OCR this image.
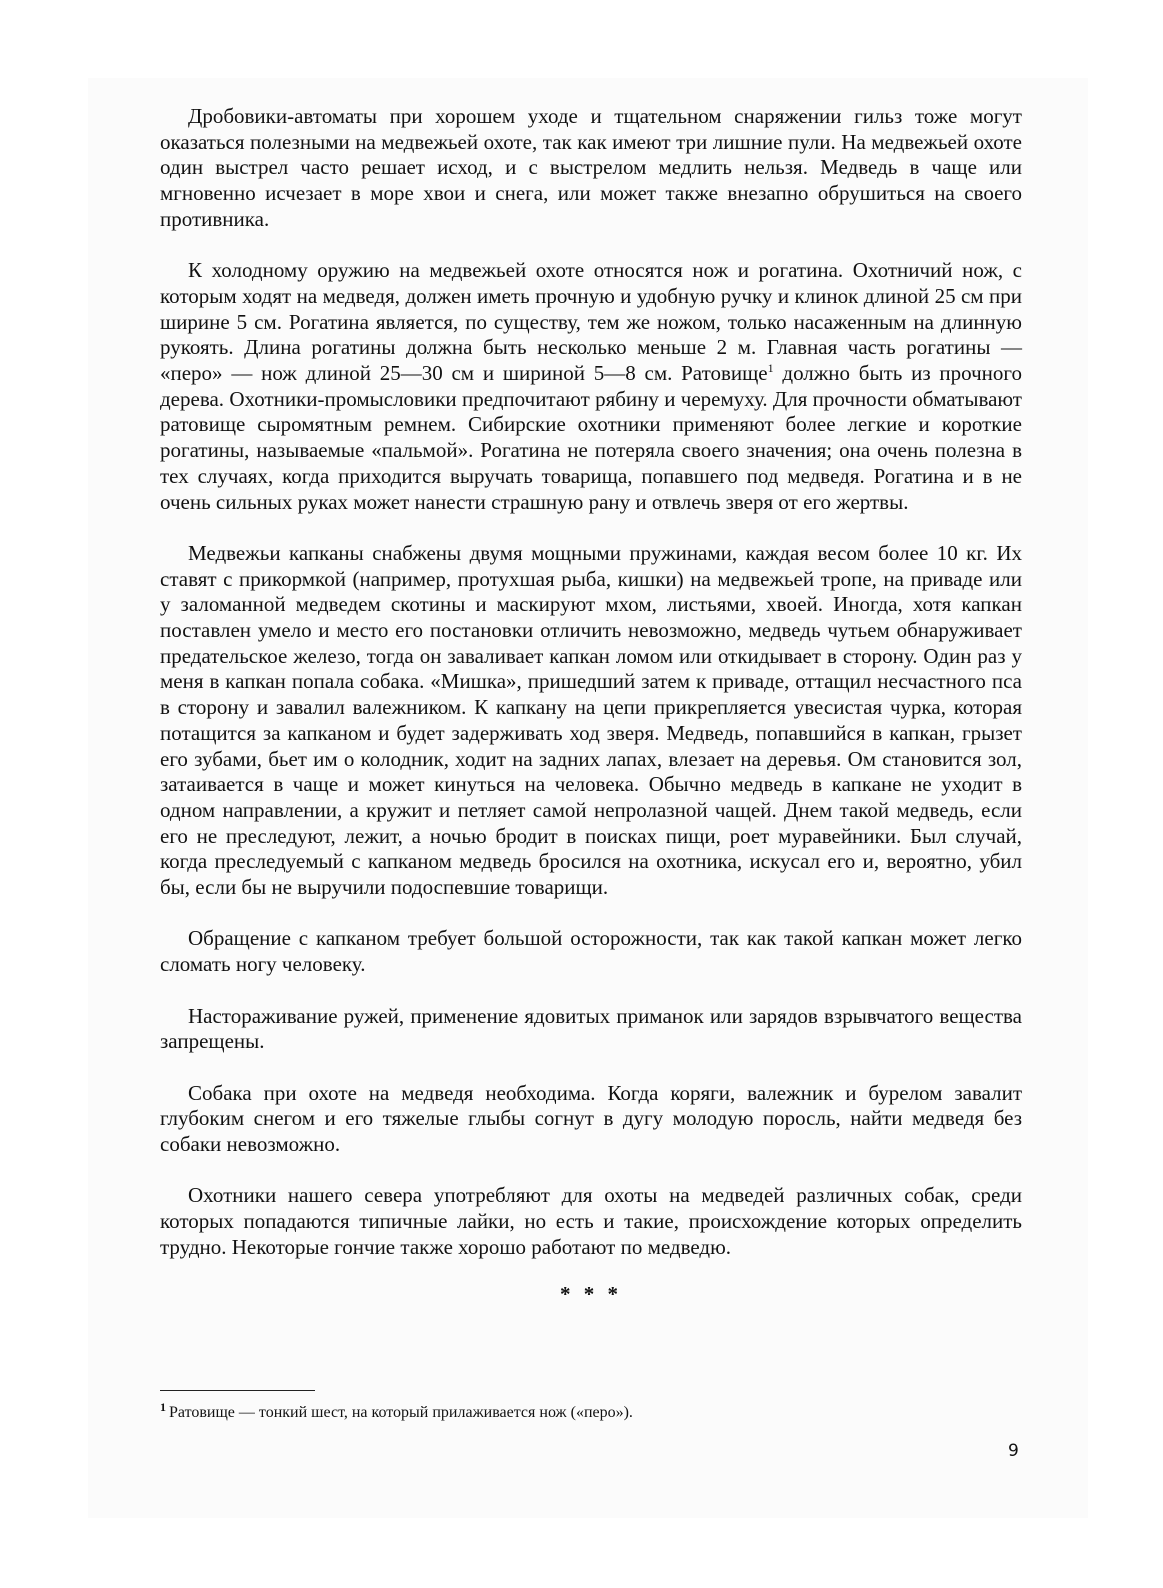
Дробовики-автоматы при хорошем уходе и тщательном снаряжении гильз тоже могут оказаться полезными на медвежьей охоте, так как имеют три лишние пули. На медвежьей охоте один выстрел часто решает исход, и с выстрелом медлить нельзя. Медведь в чаще или мгновенно исчезает в море хвои и снега, или может также внезапно обрушиться на своего противника.

К холодному оружию на медвежьей охоте относятся нож и рогатина. Охотничий нож, с которым ходят на медведя, должен иметь прочную и удобную ручку и клинок длиной 25 см при ширине 5 см. Рогатина является, по существу, тем же ножом, только насаженным на длинную рукоять. Длина рогатины должна быть несколько меньше 2 м. Главная часть рогатины — «перо» — нож длиной 25—30 см и шириной 5—8 см. Ратовище$^1$ должно быть из прочного дерева. Охотники-промысловики предпочитают рябину и черемуху. Для прочности обматывают ратовище сыромятным ремнем. Сибирские охотники применяют более легкие и короткие рогатины, называемые «пальмой». Рогатина не потеряла своего значения; она очень полезна в тех случаях, когда приходится выручать товарища, попавшего под медведя. Рогатина и в не очень сильных руках может нанести страшную рану и отвлечь зверя от его жертвы.

Медвежьи капканы снабжены двумя мощными пружинами, каждая весом более 10 кг. Их ставят с прикормкой (например, протухшая рыба, кишки) на медвежьей тропе, на приваде или у заломанной медведем скотины и маскируют мхом, листьями, хвоей. Иногда, хотя капкан поставлен умело и место его постановки отличить невозможно, медведь чутьем обнаруживает предательское железо, тогда он заваливает капкан ломом или откидывает в сторону. Один раз у меня в капкан попала собака. «Мишка», пришедший затем к приваде, оттащил несчастного пса в сторону и завалил валежником. К капкану на цепи прикрепляется увесистая чурка, которая потащится за капканом и будет задерживать ход зверя. Медведь, попавшийся в капкан, грызет его зубами, бьет им о колодник, ходит на задних лапах, влезает на деревья. Ом становится зол, затаивается в чаще и может кинуться на человека. Обычно медведь в капкане не уходит в одном направлении, а кружит и петляет самой непролазной чащей. Днем такой медведь, если его не преследуют, лежит, а ночью бродит в поисках пищи, роет муравейники. Был случай, когда преследуемый с капканом медведь бросился на охотника, искусал его и, вероятно, убил бы, если бы не выручили подоспевшие товарищи.

Обращение с капканом требует большой осторожности, так как такой капкан может легко сломать ногу человеку.

Настораживание ружей, применение ядовитых приманок или зарядов взрывчатого вещества запрещены.

Собака при охоте на медведя необходима. Когда коряги, валежник и бурелом завалит глубоким снегом и его тяжелые глыбы согнут в дугу молодую поросль, найти медведя без собаки невозможно.

Охотники нашего севера употребляют для охоты на медведей различных собак, среди которых попадаются типичные лайки, но есть и такие, происхождение которых определить трудно. Некоторые гончие также хорошо работают по медведю.

* * *
$^1$ Ратовище — тонкий шест, на который прилаживается нож («перо»).
9
